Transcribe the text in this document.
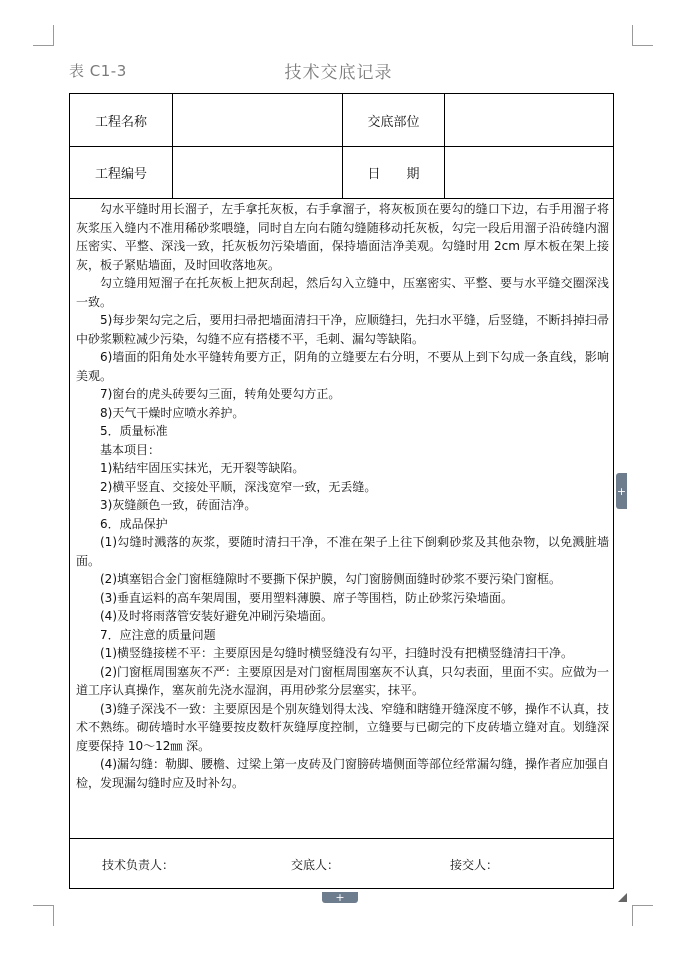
表 C1-3	技术交底记录
工程名称	交底部位
工程编号	日　　期

勾水平缝时用长溜子，左手拿托灰板，右手拿溜子，将灰板顶在要勾的缝口下边，右手用溜子将灰浆压入缝内不准用稀砂浆喂缝，同时自左向右随勾缝随移动托灰板，勾完一段后用溜子沿砖缝内溜压密实、平整、深浅一致，托灰板勿污染墙面，保持墙面洁净美观。勾缝时用 2cm 厚木板在架上接灰，板子紧贴墙面，及时回收落地灰。

勾立缝用短溜子在托灰板上把灰刮起，然后勾入立缝中，压塞密实、平整、要与水平缝交圈深浅一致。

5)每步架勾完之后，要用扫帚把墙面清扫干净，应顺缝扫，先扫水平缝，后竖缝，不断抖掉扫帚中砂浆颗粒减少污染，勾缝不应有搭楼不平，毛刺、漏勾等缺陷。

6)墙面的阳角处水平缝转角要方正，阴角的立缝要左右分明，不要从上到下勾成一条直线，影响美观。

7)窗台的虎头砖要勾三面，转角处要勾方正。

8)天气干燥时应喷水养护。

5．质量标准

基本项目：

1)粘结牢固压实抹光，无开裂等缺陷。

2)横平竖直、交接处平顺，深浅宽窄一致，无丢缝。

3)灰缝颜色一致，砖面洁净。

6．成品保护

(1)勾缝时溅落的灰浆，要随时清扫干净，不准在架子上往下倒剩砂浆及其他杂物，以免溅脏墙面。

(2)填塞铝合金门窗框缝隙时不要撕下保护膜，勾门窗膀侧面缝时砂浆不要污染门窗框。

(3)垂直运料的高车架周围，要用塑料薄膜、席子等围档，防止砂浆污染墙面。

(4)及时将雨落管安装好避免冲刷污染墙面。

7．应注意的质量问题

(1)横竖缝接槎不平：主要原因是勾缝时横竖缝没有勾平，扫缝时没有把横竖缝清扫干净。

(2)门窗框周围塞灰不严：主要原因是对门窗框周围塞灰不认真，只勾表面，里面不实。应做为一道工序认真操作，塞灰前先浇水湿润，再用砂浆分层塞实，抹平。

(3)缝子深浅不一致：主要原因是个别灰缝划得太浅、窄缝和瞎缝开缝深度不够，操作不认真，技术不熟练。砌砖墙时水平缝要按皮数杆灰缝厚度控制，立缝要与已砌完的下皮砖墙立缝对直。划缝深度要保持 10～12㎜ 深。

(4)漏勾缝：勒脚、腰檐、过梁上第一皮砖及门窗膀砖墙侧面等部位经常漏勾缝，操作者应加强自检，发现漏勾缝时应及时补勾。

技术负责人：	交底人：	接交人：
+
+
